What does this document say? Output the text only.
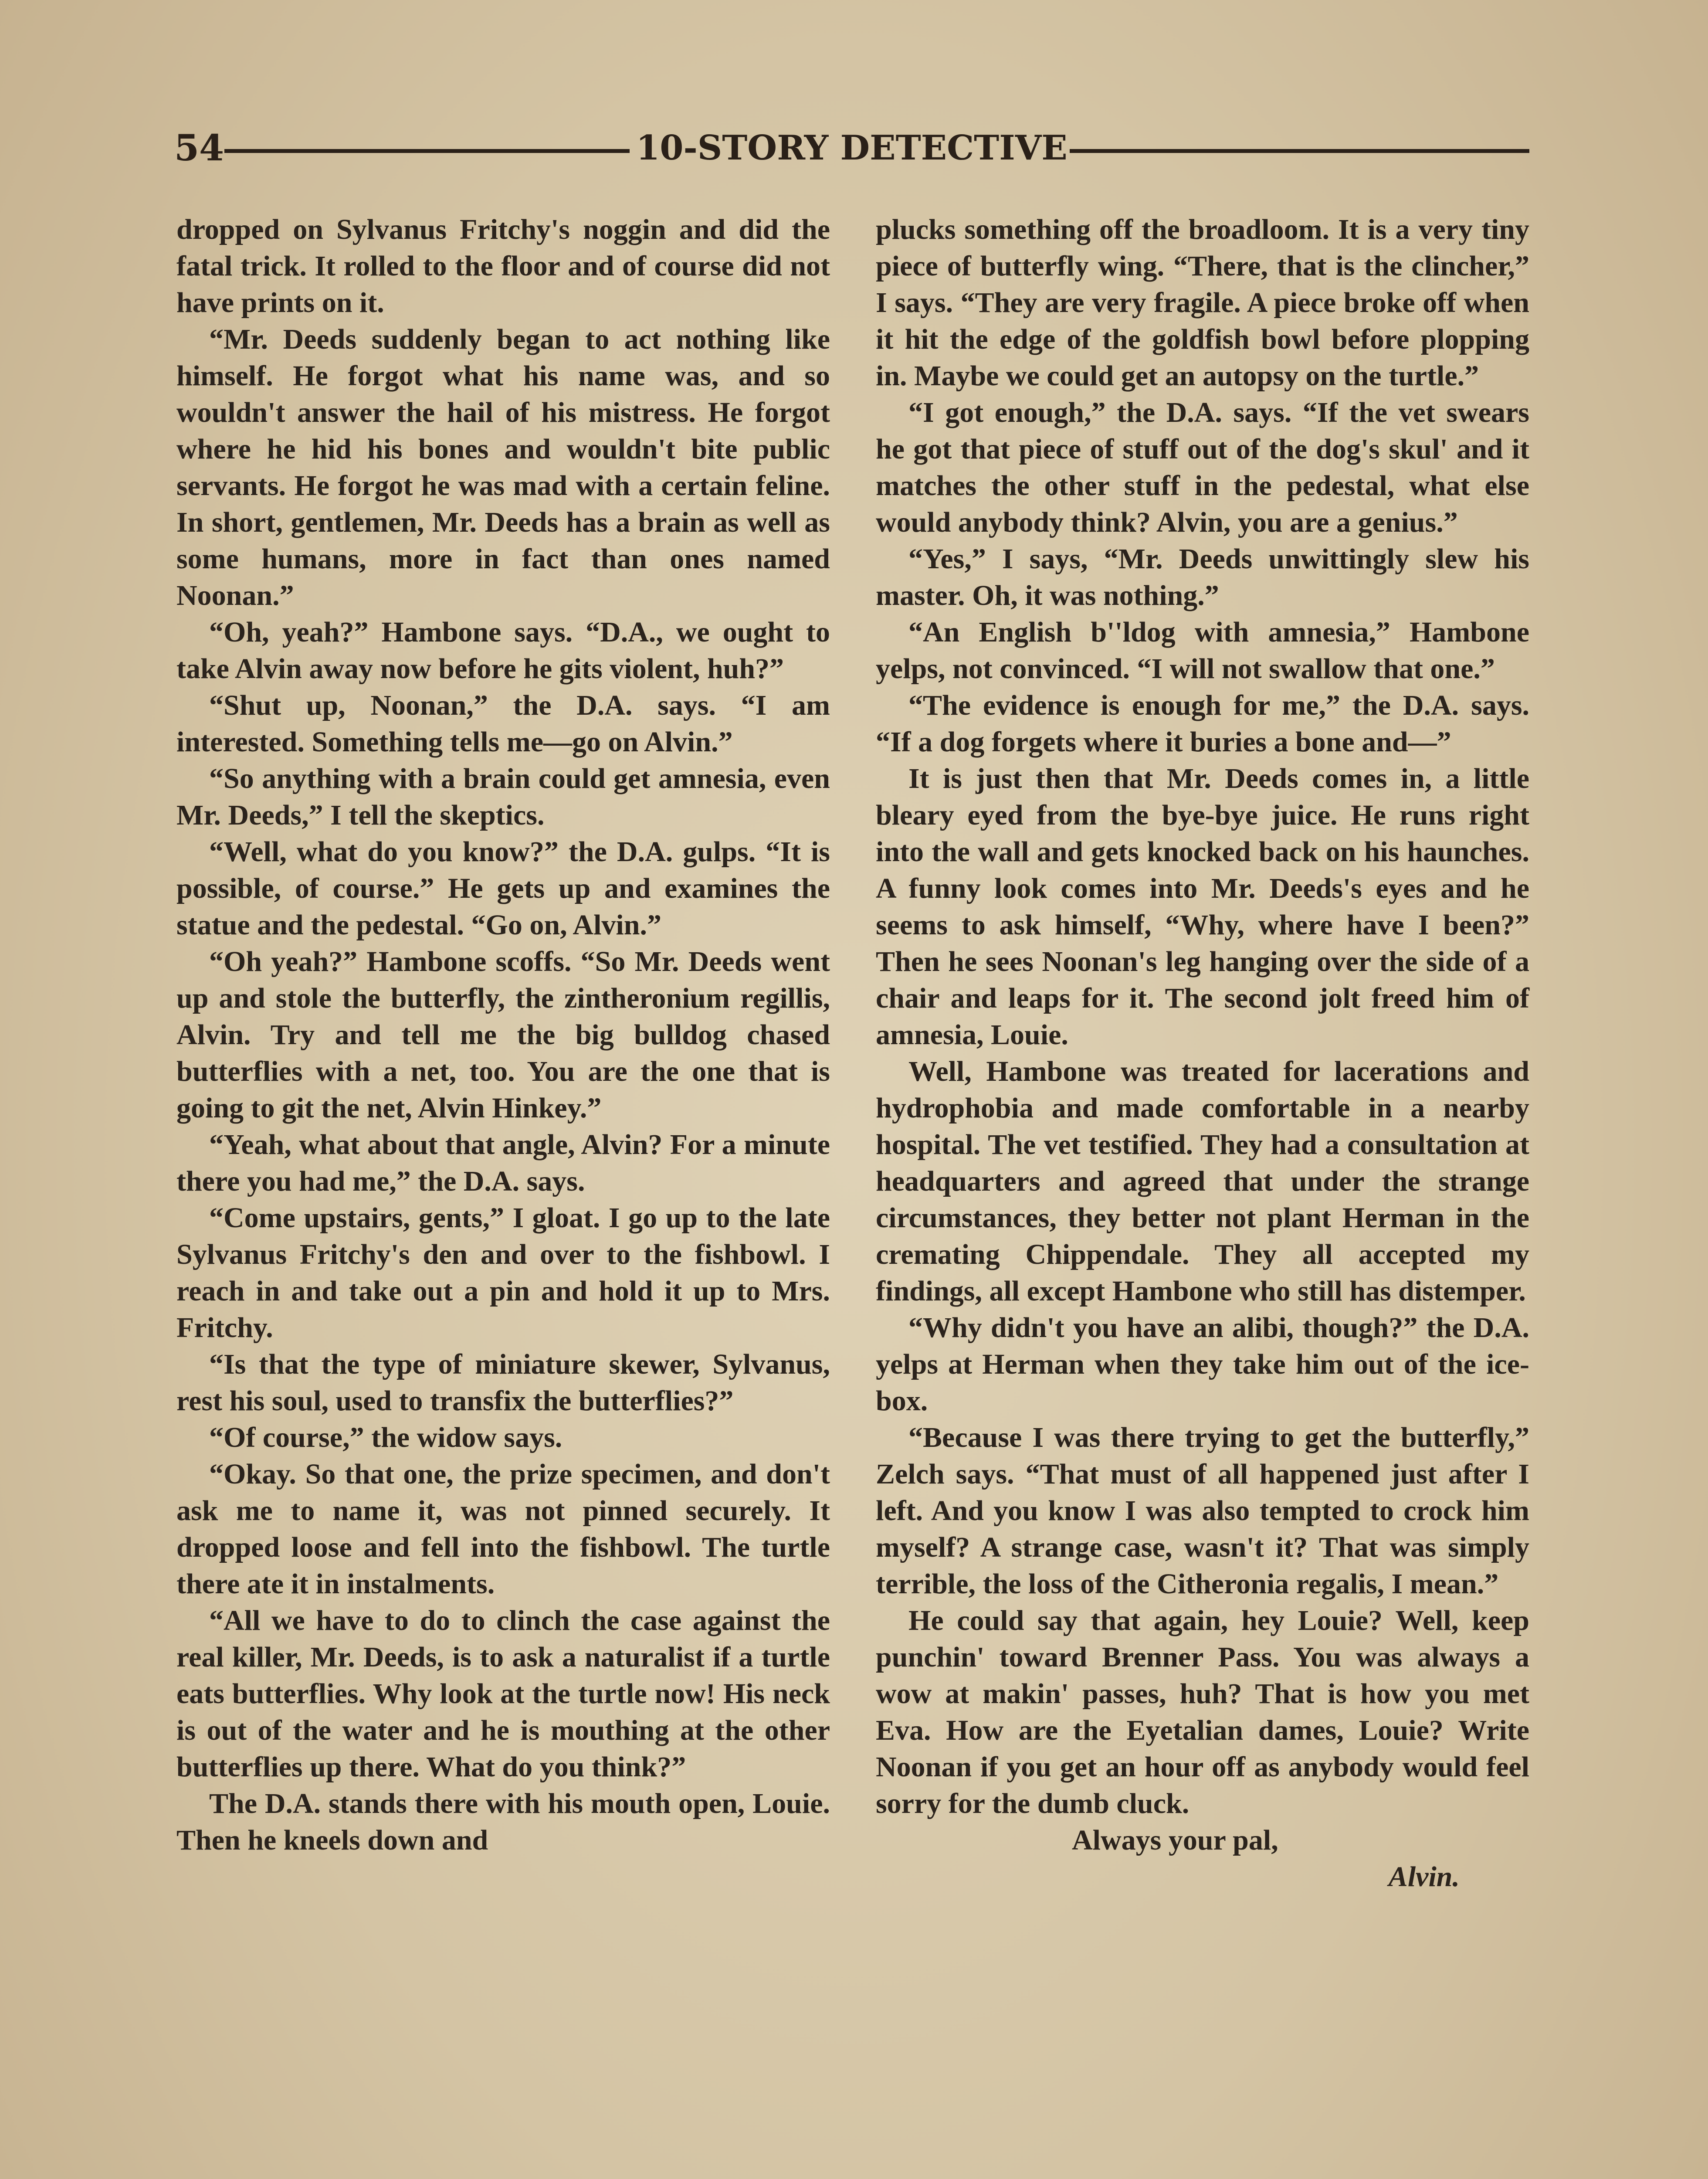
54	10-STORY DETECTIVE

dropped on Sylvanus Fritchy's noggin and did the fatal trick. It rolled to the floor and of course did not have prints on it.

“Mr. Deeds suddenly began to act nothing like himself. He forgot what his name was, and so wouldn't answer the hail of his mistress. He forgot where he hid his bones and wouldn't bite public servants. He forgot he was mad with a certain feline. In short, gentlemen, Mr. Deeds has a brain as well as some humans, more in fact than ones named Noonan.”

“Oh, yeah?” Hambone says. “D.A., we ought to take Alvin away now before he gits violent, huh?”

“Shut up, Noonan,” the D.A. says. “I am interested. Something tells me—go on Alvin.”

“So anything with a brain could get amnesia, even Mr. Deeds,” I tell the skeptics.

“Well, what do you know?” the D.A. gulps. “It is possible, of course.” He gets up and examines the statue and the pedestal. “Go on, Alvin.”

“Oh yeah?” Hambone scoffs. “So Mr. Deeds went up and stole the butterfly, the zintheronium regillis, Alvin. Try and tell me the big bulldog chased butterflies with a net, too. You are the one that is going to git the net, Alvin Hinkey.”

“Yeah, what about that angle, Alvin? For a minute there you had me,” the D.A. says.

“Come upstairs, gents,” I gloat. I go up to the late Sylvanus Fritchy's den and over to the fishbowl. I reach in and take out a pin and hold it up to Mrs. Fritchy.

“Is that the type of miniature skewer, Sylvanus, rest his soul, used to transfix the butterflies?”

“Of course,” the widow says.

“Okay. So that one, the prize specimen, and don't ask me to name it, was not pinned securely. It dropped loose and fell into the fishbowl. The turtle there ate it in instalments.

“All we have to do to clinch the case against the real killer, Mr. Deeds, is to ask a naturalist if a turtle eats butterflies. Why look at the turtle now! His neck is out of the water and he is mouthing at the other butterflies up there. What do you think?”

The D.A. stands there with his mouth open, Louie. Then he kneels down and

plucks something off the broadloom. It is a very tiny piece of butterfly wing. “There, that is the clincher,” I says. “They are very fragile. A piece broke off when it hit the edge of the goldfish bowl before plopping in. Maybe we could get an autopsy on the turtle.”

“I got enough,” the D.A. says. “If the vet swears he got that piece of stuff out of the dog's skul' and it matches the other stuff in the pedestal, what else would anybody think? Alvin, you are a genius.”

“Yes,” I says, “Mr. Deeds unwittingly slew his master. Oh, it was nothing.”

“An English b''ldog with amnesia,” Hambone yelps, not convinced. “I will not swallow that one.”

“The evidence is enough for me,” the D.A. says. “If a dog forgets where it buries a bone and—”

It is just then that Mr. Deeds comes in, a little bleary eyed from the bye-bye juice. He runs right into the wall and gets knocked back on his haunches. A funny look comes into Mr. Deeds's eyes and he seems to ask himself, “Why, where have I been?” Then he sees Noonan's leg hanging over the side of a chair and leaps for it. The second jolt freed him of amnesia, Louie.

Well, Hambone was treated for lacerations and hydrophobia and made comfortable in a nearby hospital. The vet testified. They had a consultation at headquarters and agreed that under the strange circumstances, they better not plant Herman in the cremating Chippendale. They all accepted my findings, all except Hambone who still has distemper.

“Why didn't you have an alibi, though?” the D.A. yelps at Herman when they take him out of the ice-box.

“Because I was there trying to get the butterfly,” Zelch says. “That must of all happened just after I left. And you know I was also tempted to crock him myself? A strange case, wasn't it? That was simply terrible, the loss of the Citheronia regalis, I mean.”

He could say that again, hey Louie? Well, keep punchin' toward Brenner Pass. You was always a wow at makin' passes, huh? That is how you met Eva. How are the Eyetalian dames, Louie? Write Noonan if you get an hour off as anybody would feel sorry for the dumb cluck.

Always your pal,

Alvin.
